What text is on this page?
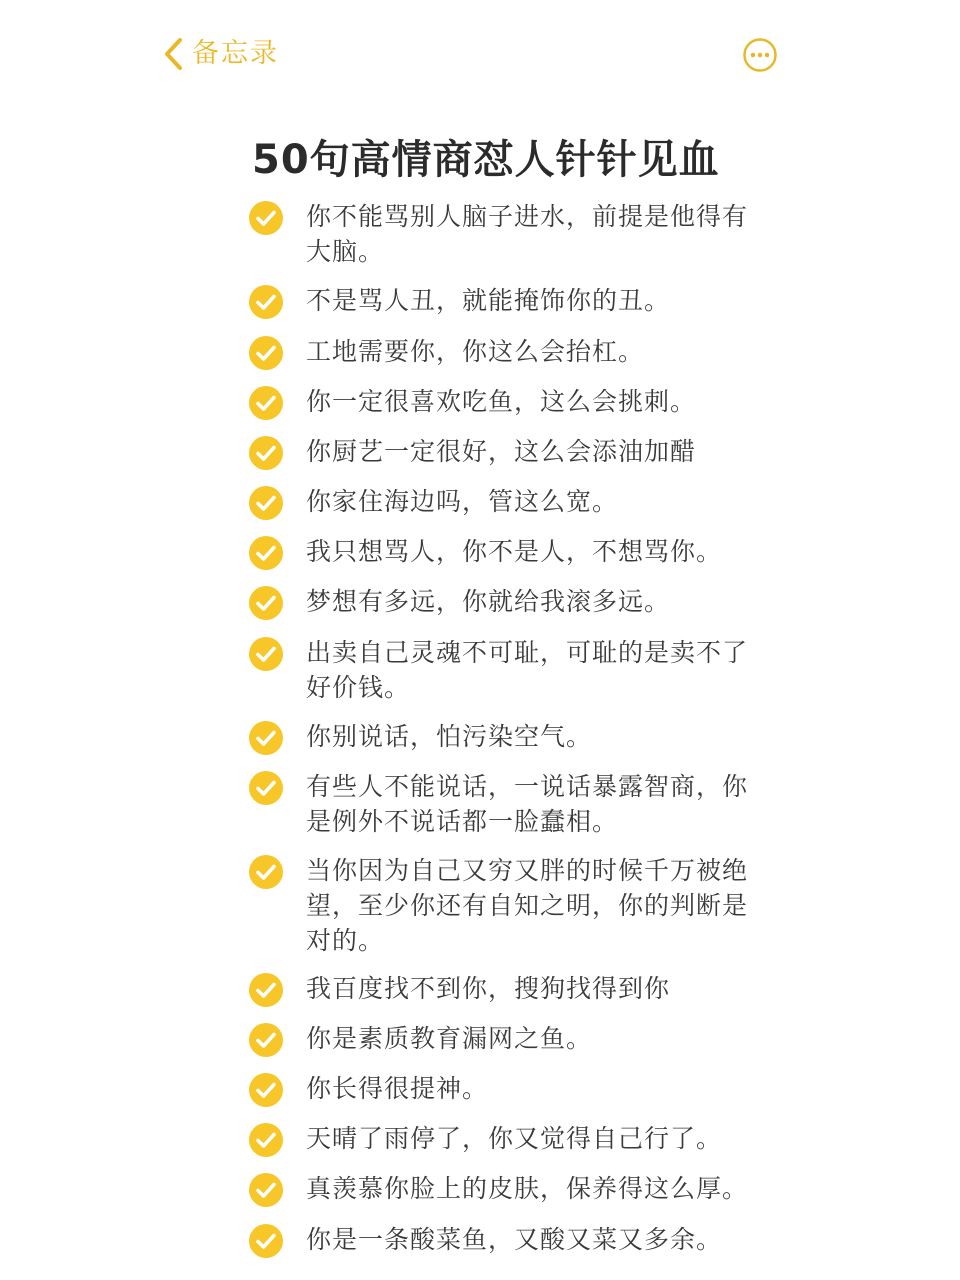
备忘录
50句高情商怼人针针见血
你不能骂别人脑子进水，前提是他得有大脑。
不是骂人丑，就能掩饰你的丑。
工地需要你，你这么会抬杠。
你一定很喜欢吃鱼，这么会挑刺。
你厨艺一定很好，这么会添油加醋
你家住海边吗，管这么宽。
我只想骂人，你不是人，不想骂你。
梦想有多远，你就给我滚多远。
出卖自己灵魂不可耻，可耻的是卖不了好价钱。
你别说话，怕污染空气。
有些人不能说话，一说话暴露智商，你是例外不说话都一脸蠢相。
当你因为自己又穷又胖的时候千万被绝望，至少你还有自知之明，你的判断是对的。
我百度找不到你，搜狗找得到你
你是素质教育漏网之鱼。
你长得很提神。
天晴了雨停了，你又觉得自己行了。
真羡慕你脸上的皮肤，保养得这么厚。
你是一条酸菜鱼，又酸又菜又多余。
